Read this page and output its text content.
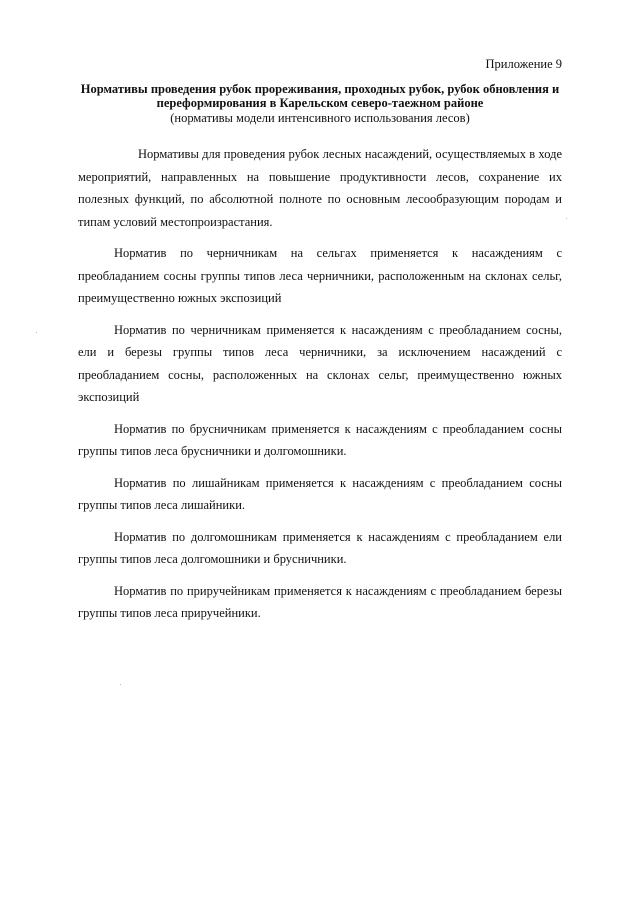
Приложение 9
Нормативы проведения рубок прореживания, проходных рубок, рубок обновления и переформирования в Карельском северо-таежном районе
(нормативы модели интенсивного использования лесов)

Нормативы для проведения рубок лесных насаждений, осуществляемых в ходе мероприятий, направленных на повышение продуктивности лесов, сохранение их полезных функций, по абсолютной полноте по основным лесообразующим породам и типам условий местопроизрастания.

Норматив по черничникам на сельгах применяется к насаждениям с преобладанием сосны группы типов леса черничники, расположенным на склонах сельг, преимущественно южных экспозиций

Норматив по черничникам применяется к насаждениям с преобладанием сосны, ели и березы группы типов леса черничники, за исключением насаждений с преобладанием сосны, расположенных на склонах сельг, преимущественно южных экспозиций

Норматив по брусничникам применяется к насаждениям с преобладанием сосны группы типов леса брусничники и долгомошники.

Норматив по лишайникам применяется к насаждениям с преобладанием сосны группы типов леса лишайники.

Норматив по долгомошникам применяется к насаждениям с преобладанием ели группы типов леса долгомошники и брусничники.

Норматив по приручейникам применяется к насаждениям с преобладанием березы группы типов леса приручейники.
